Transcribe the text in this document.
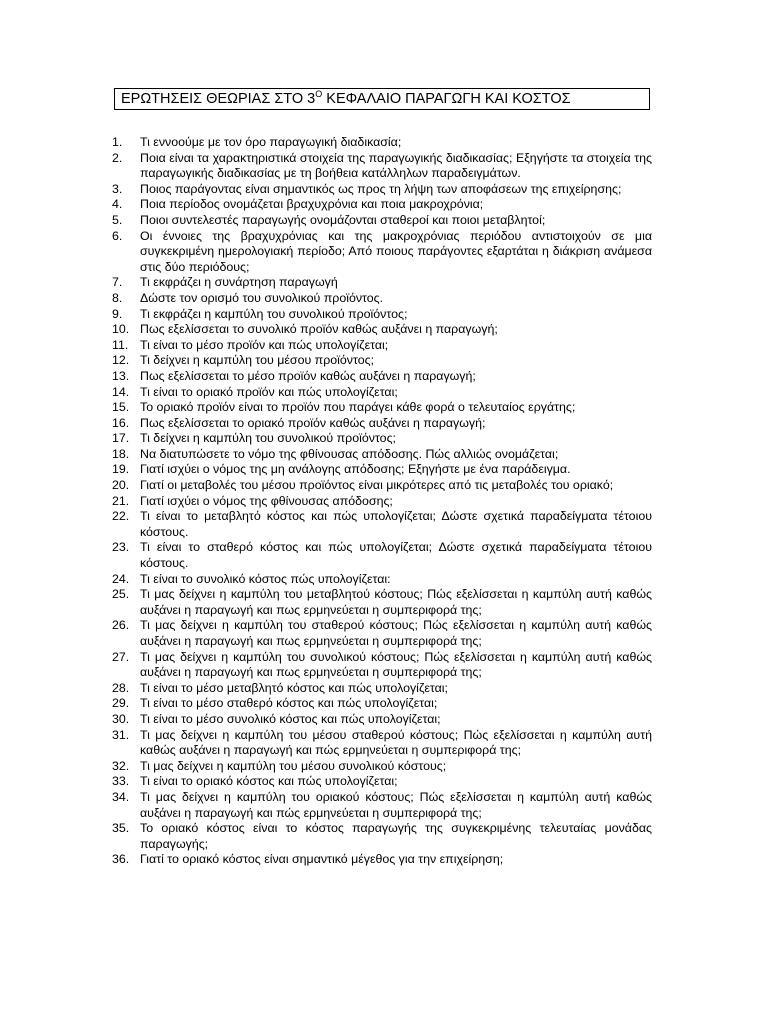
ΕΡΩΤΗΣΕΙΣ ΘΕΩΡΙΑΣ ΣΤΟ $3^O$ ΚΕΦΑΛΑΙΟ ΠΑΡΑΓΩΓΗ ΚΑΙ ΚΟΣΤΟΣ
1.	Τι εννοούμε με τον όρο παραγωγική διαδικασία;
2.	Ποια είναι τα χαρακτηριστικά στοιχεία της παραγωγικής διαδικασίας; Εξηγήστε τα στοιχεία της παραγωγικής διαδικασίας με τη βοήθεια κατάλληλων παραδειγμάτων.
3.	Ποιος παράγοντας είναι σημαντικός ως προς τη λήψη των αποφάσεων της επιχείρησης;
4.	Ποια περίοδος ονομάζεται βραχυχρόνια και ποια μακροχρόνια;
5.	Ποιοι συντελεστές παραγωγής ονομάζονται σταθεροί και ποιοι μεταβλητοί;
6.	Οι έννοιες της βραχυχρόνιας και της μακροχρόνιας περιόδου αντιστοιχούν σε μια συγκεκριμένη ημερολογιακή περίοδο; Από ποιους παράγοντες εξαρτάται η διάκριση ανάμεσα στις δύο περιόδους;
7.	Τι εκφράζει η συνάρτηση παραγωγή
8.	Δώστε τον ορισμό του συνολικού προϊόντος.
9.	Τι εκφράζει η καμπύλη του συνολικού προϊόντος;
10. Πως εξελίσσεται το συνολικό προϊόν καθώς αυξάνει η παραγωγή;
11. Τι είναι το μέσο προϊόν και πώς υπολογίζεται;
12. Τι δείχνει η καμπύλη του μέσου προϊόντος;
13. Πως εξελίσσεται το μέσο προϊόν καθώς αυξάνει η παραγωγή;
14. Τι είναι το οριακό προϊόν και πώς υπολογίζεται;
15. Το οριακό προϊόν είναι το προϊόν που παράγει κάθε φορά ο τελευταίος εργάτης;
16. Πως εξελίσσεται το οριακό προϊόν καθώς αυξάνει η παραγωγή;
17. Τι δείχνει η καμπύλη του συνολικού προϊόντος;
18. Να διατυπώσετε το νόμο της φθίνουσας απόδοσης. Πώς αλλιώς ονομάζεται;
19. Γιατί ισχύει ο νόμος της μη ανάλογης απόδοσης; Εξηγήστε με ένα παράδειγμα.
20. Γιατί οι μεταβολές του μέσου προϊόντος είναι μικρότερες από τις μεταβολές του οριακό;
21. Γιατί ισχύει ο νόμος της φθίνουσας απόδοσης;
22. Τι είναι το μεταβλητό κόστος και πώς υπολογίζεται; Δώστε σχετικά παραδείγματα τέτοιου κόστους.
23. Τι είναι το σταθερό κόστος και πώς υπολογίζεται; Δώστε σχετικά παραδείγματα τέτοιου κόστους.
24. Τι είναι το συνολικό κόστος πώς υπολογίζεται:
25. Τι μας δείχνει η καμπύλη του μεταβλητού κόστους; Πώς εξελίσσεται η καμπύλη αυτή καθώς αυξάνει η παραγωγή και πως ερμηνεύεται η συμπεριφορά της;
26. Τι μας δείχνει η καμπύλη του σταθερού κόστους; Πώς εξελίσσεται η καμπύλη αυτή καθώς αυξάνει η παραγωγή και πως ερμηνεύεται η συμπεριφορά της;
27. Τι μας δείχνει η καμπύλη του συνολικού κόστους; Πώς εξελίσσεται η καμπύλη αυτή καθώς αυξάνει η παραγωγή και πως ερμηνεύεται η συμπεριφορά της;
28. Τι είναι το μέσο μεταβλητό κόστος και πώς υπολογίζεται;
29. Τι είναι το μέσο σταθερό κόστος και πώς υπολογίζεται;
30. Τι είναι το μέσο συνολικό κόστος και πώς υπολογίζεται;
31. Τι μας δείχνει η καμπύλη του μέσου σταθερού κόστους; Πώς εξελίσσεται η καμπύλη αυτή καθώς αυξάνει η παραγωγή και πώς ερμηνεύεται η συμπεριφορά της;
32. Τι μας δείχνει η καμπύλη του μέσου συνολικού κόστους;
33. Τι είναι το οριακό κόστος και πώς υπολογίζεται;
34. Τι μας δείχνει η καμπύλη του οριακού κόστους; Πώς εξελίσσεται η καμπύλη αυτή καθώς αυξάνει η παραγωγή και πώς ερμηνεύεται η συμπεριφορά της;
35. Το οριακό κόστος είναι το κόστος παραγωγής της συγκεκριμένης τελευταίας μονάδας παραγωγής;
36. Γιατί το οριακό κόστος είναι σημαντικό μέγεθος για την επιχείρηση;
